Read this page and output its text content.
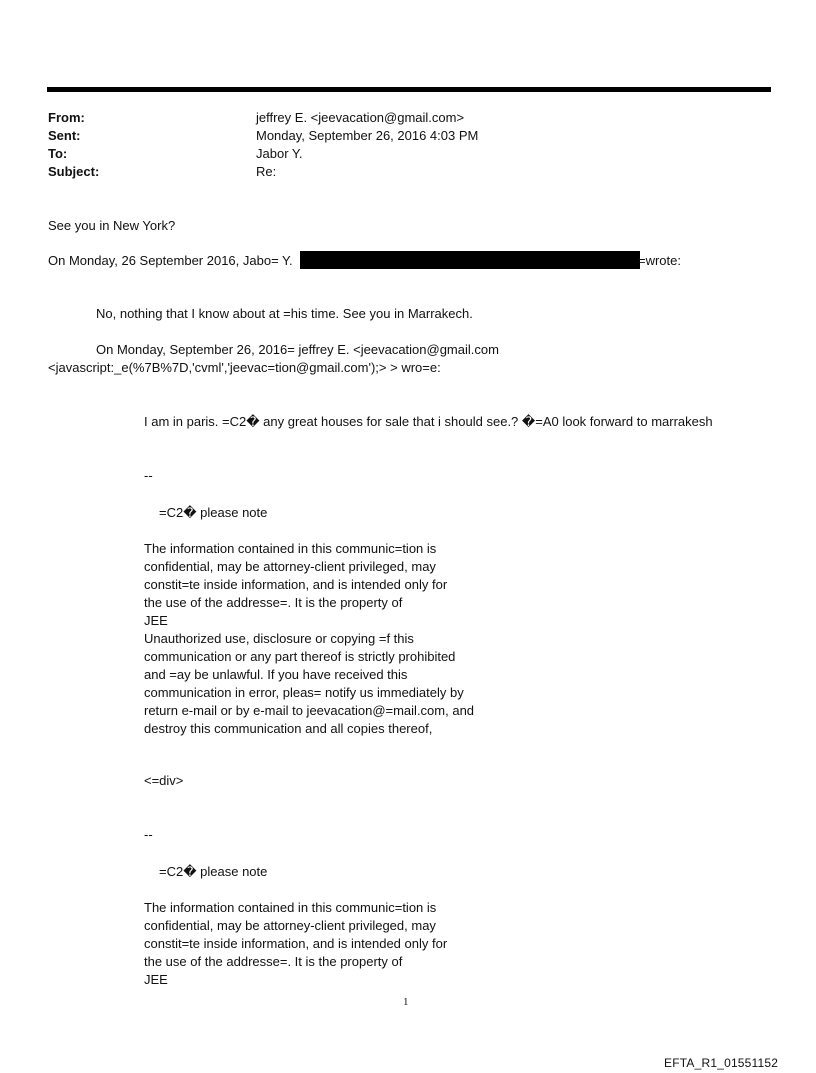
From:	jeffrey E. <jeevacation@gmail.com>
Sent:	Monday, September 26, 2016 4:03 PM
To:	Jabor Y.
Subject:	Re:
See you in New York?
On Monday, 26 September 2016, Jabo= Y.	=wrote:
No, nothing that I know about at =his time. See you in Marrakech.
On Monday, September 26, 2016= jeffrey E. <jeevacation@gmail.com
<javascript:_e(%7B%7D,'cvml','jeevac=tion@gmail.com');> > wro=e:
I am in paris. =C2� any great houses for sale that i should see.? �=A0 look forward to marrakesh
--
=C2� please note
The information contained in this communic=tion is
confidential, may be attorney-client privileged, may
constit=te inside information, and is intended only for
the use of the addresse=. It is the property of
JEE
Unauthorized use, disclosure or copying =f this
communication or any part thereof is strictly prohibited
and =ay be unlawful. If you have received this
communication in error, pleas= notify us immediately by
return e-mail or by e-mail to jeevacation@=mail.com, and
destroy this communication and all copies thereof,
<=div>
--
=C2� please note
The information contained in this communic=tion is
confidential, may be attorney-client privileged, may
constit=te inside information, and is intended only for
the use of the addresse=. It is the property of
JEE
1
EFTA_R1_01551152
